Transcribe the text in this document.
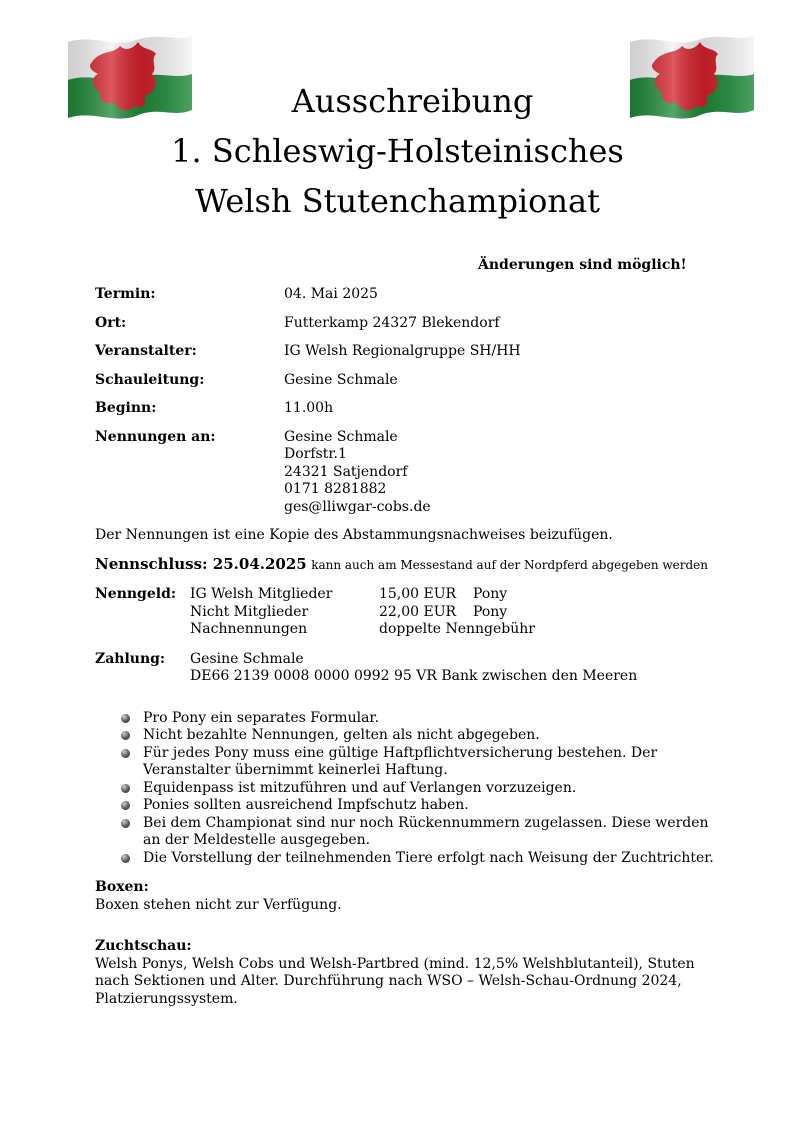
Ausschreibung
1. Schleswig-Holsteinisches
Welsh Stutenchampionat
Änderungen sind möglich!
Termin:	04. Mai 2025
Ort:	Futterkamp 24327 Blekendorf
Veranstalter:	IG Welsh Regionalgruppe SH/HH
Schauleitung:	Gesine Schmale
Beginn:	11.00h
Nennungen an:	Gesine Schmale
Dorfstr.1
24321 Satjendorf
0171 8281882
ges@lliwgar-cobs.de

Der Nennungen ist eine Kopie des Abstammungsnachweises beizufügen.

Nennschluss: 25.04.2025 kann auch am Messestand auf der Nordpferd abgegeben werden
Nenngeld: IG Welsh Mitglieder	15,00 EUR	Pony
Nicht Mitglieder	22,00 EUR	Pony
Nachnennungen	doppelte Nenngebühr
Zahlung:	Gesine Schmale
DE66 2139 0008 0000 0992 95 VR Bank zwischen den Meeren
Pro Pony ein separates Formular.
Nicht bezahlte Nennungen, gelten als nicht abgegeben.
Für jedes Pony muss eine gültige Haftpflichtversicherung bestehen. Der Veranstalter übernimmt keinerlei Haftung.
Equidenpass ist mitzuführen und auf Verlangen vorzuzeigen.
Ponies sollten ausreichend Impfschutz haben.
Bei dem Championat sind nur noch Rückennummern zugelassen. Diese werden an der Meldestelle ausgegeben.
Die Vorstellung der teilnehmenden Tiere erfolgt nach Weisung der Zuchtrichter.
Boxen:
Boxen stehen nicht zur Verfügung.
Zuchtschau:
Welsh Ponys, Welsh Cobs und Welsh-Partbred (mind. 12,5% Welshblutanteil), Stuten nach Sektionen und Alter. Durchführung nach WSO – Welsh-Schau-Ordnung 2024, Platzierungssystem.
